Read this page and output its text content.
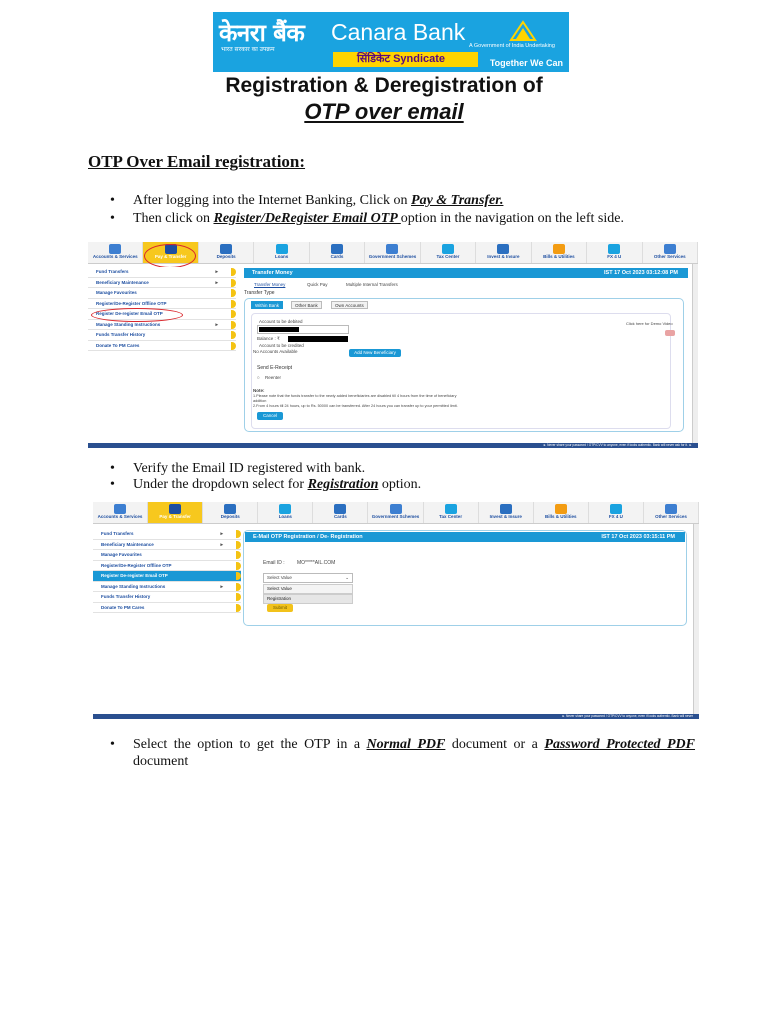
केनरा बैंक
भारत सरकार का उपक्रम
Canara Bank
A Government of India Undertaking
सिंडिकेट Syndicate	Together We Can
Registration & Deregistration of
OTP over email
OTP Over Email registration:
• After logging into the Internet Banking, Click on Pay & Transfer.
• Then click on Register/DeRegister Email OTP option in the navigation on the left side.
Accounts & Services	Pay & Transfer	Deposits	Loans	Cards	Government Schemes	Tax Center	Invest & Insure	Bills & Utilities	FX 4 U	Other Services
Fund Transfers	▸
Beneficiary Maintenance	▸
Manage Favourites
Register/De-Register Offline OTP
Register De-register Email OTP
Manage Standing Instructions	▸
Funds Transfer History
Donate To PM Cares
Transfer Money	IST 17 Oct 2023 03:12:08 PM
Transfer Money	Quick Pay	Multiple Internal Transfers
Transfer Type
Within Bank	Other Bank	Own Accounts
Account to be debited
Balance : ₹
Account to be credited
No Accounts Available	Add New Beneficiary
Click here for Demo Video
Send E-Receipt
○ Reenter
Note:
1.Please note that the funds transfer to the newly added beneficiaries are disabled till 4 hours from the time of beneficiary
addition
2.From 4 hours till 24 hours, up to Rs. 50000 can be transferred. After 24 hours you can transfer up to your permitted limit.
Cancel
► Never share your password / OTP/CVV to anyone, even if looks authentic. Bank will never ask for it. ►
• Verify the Email ID registered with bank.
• Under the dropdown select for Registration option.
Accounts & Services	Pay & Transfer	Deposits	Loans	Cards	Government Schemes	Tax Center	Invest & Insure	Bills & Utilities	FX 4 U	Other Services
Fund Transfers	▸
Beneficiary Maintenance	▸
Manage Favourites
Register/De-Register Offline OTP
Register De-register Email OTP
Manage Standing Instructions	▸
Funds Transfer History
Donate To PM Cares
E-Mail OTP Registration / De- Registration	IST 17 Oct 2023 03:15:11 PM
Email ID : MO*****AIL.COM
Select Value	⌄
Select Value
Registration
Submit
► Never share your password / OTP/CVV to anyone, even if looks authentic. Bank will never
• Select the option to get the OTP in a Normal PDF document or a Password Protected PDF document
